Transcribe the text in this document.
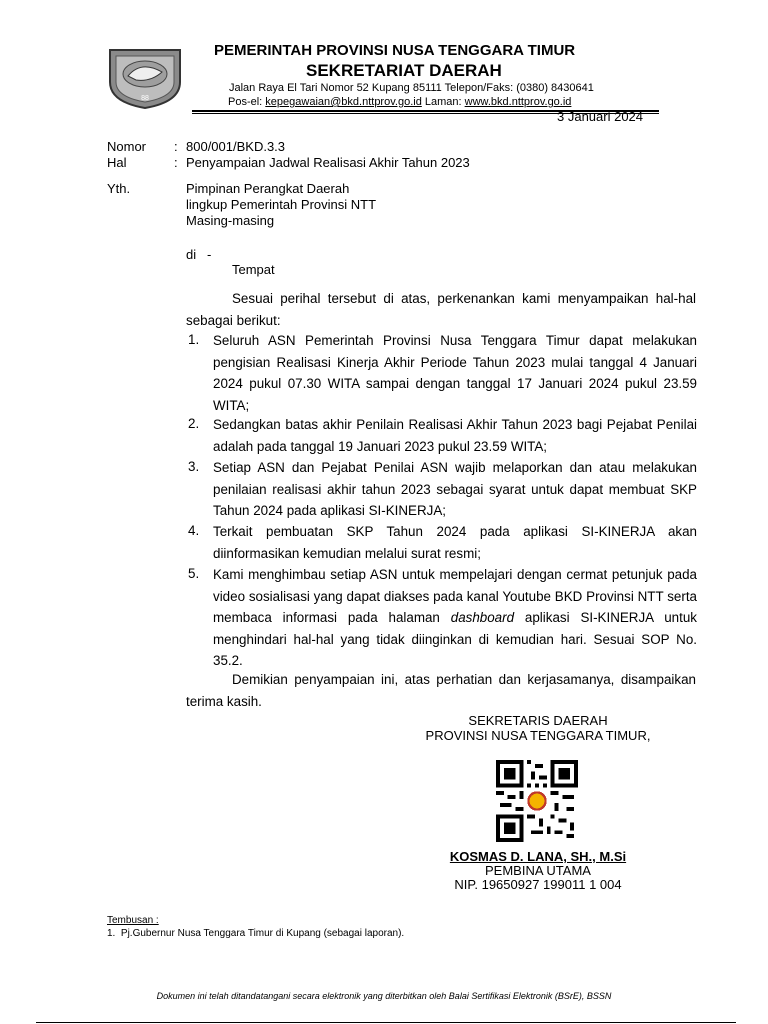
88
PEMERINTAH PROVINSI NUSA TENGGARA TIMUR
SEKRETARIAT DAERAH
Jalan Raya El Tari Nomor 52 Kupang 85111 Telepon/Faks: (0380) 8430641
Pos-el: kepegawaian@bkd.nttprov.go.id Laman: www.bkd.nttprov.go.id
3 Januari 2024
Nomor : 800/001/BKD.3.3
Hal	: Penyampaian Jadwal Realisasi Akhir Tahun 2023
Yth.	Pimpinan Perangkat Daerah
lingkup Pemerintah Provinsi NTT
Masing-masing
di   -
Tempat
Sesuai perihal tersebut di atas, perkenankan kami menyampaikan hal-hal sebagai berikut:
1. Seluruh ASN Pemerintah Provinsi Nusa Tenggara Timur dapat melakukan pengisian Realisasi Kinerja Akhir Periode Tahun 2023 mulai tanggal 4 Januari 2024 pukul 07.30 WITA sampai dengan tanggal 17 Januari 2024 pukul 23.59 WITA;
2. Sedangkan batas akhir Penilain Realisasi Akhir Tahun 2023 bagi Pejabat Penilai adalah pada tanggal 19 Januari 2023 pukul 23.59 WITA;
3. Setiap ASN dan Pejabat Penilai ASN wajib melaporkan dan atau melakukan penilaian realisasi akhir tahun 2023 sebagai syarat untuk dapat membuat SKP Tahun 2024 pada aplikasi SI-KINERJA;
4. Terkait pembuatan SKP Tahun 2024 pada aplikasi SI-KINERJA akan diinformasikan kemudian melalui surat resmi;
5. Kami menghimbau setiap ASN untuk mempelajari dengan cermat petunjuk pada video sosialisasi yang dapat diakses pada kanal Youtube BKD Provinsi NTT serta membaca informasi pada halaman dashboard aplikasi SI-KINERJA untuk menghindari hal-hal yang tidak diinginkan di kemudian hari. Sesuai SOP No. 35.2.
Demikian penyampaian ini, atas perhatian dan kerjasamanya, disampaikan terima kasih.
SEKRETARIS DAERAH
PROVINSI NUSA TENGGARA TIMUR,
KOSMAS D. LANA, SH., M.Si
PEMBINA UTAMA
NIP. 19650927 199011 1 004
Tembusan :
1.  Pj.Gubernur Nusa Tenggara Timur di Kupang (sebagai laporan).
Dokumen ini telah ditandatangani secara elektronik yang diterbitkan oleh Balai Sertifikasi Elektronik (BSrE), BSSN
